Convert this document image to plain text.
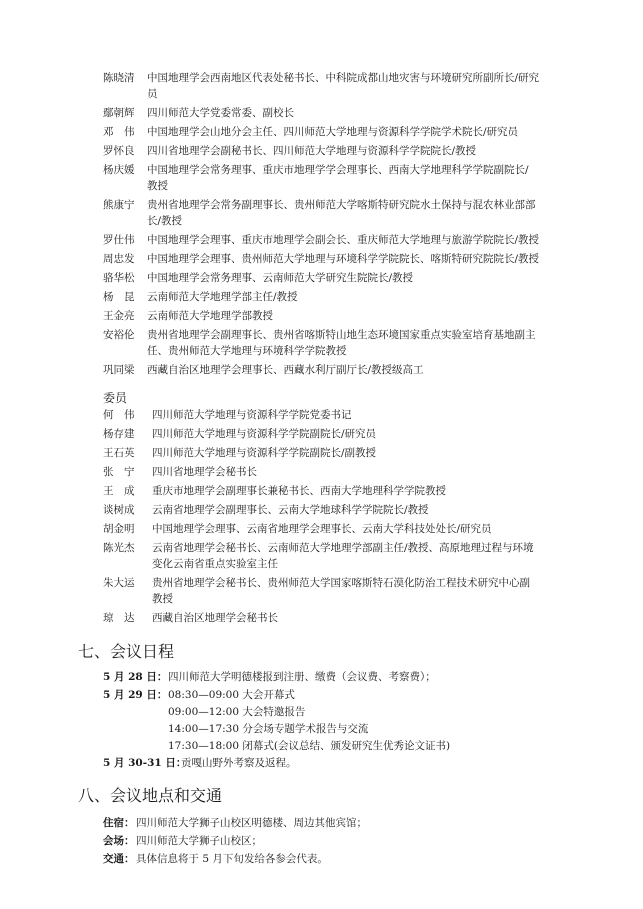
陈晓清 中国地理学会西南地区代表处秘书长、中科院成都山地灾害与环境研究所副所长/研究
员
鄢朝辉 四川师范大学党委常委、副校长
邓　伟 中国地理学会山地分会主任、四川师范大学地理与资源科学学院学术院长/研究员
罗怀良 四川省地理学会副秘书长、四川师范大学地理与资源科学学院院长/教授
杨庆媛 中国地理学会常务理事、重庆市地理学学会理事长、西南大学地理科学学院副院长/
教授
熊康宁 贵州省地理学会常务副理事长、贵州师范大学喀斯特研究院水土保持与混农林业部部
长/教授
罗仕伟 中国地理学会理事、重庆市地理学会副会长、重庆师范大学地理与旅游学院院长/教授
周忠发 中国地理学会理事、贵州师范大学地理与环境科学学院院长、喀斯特研究院院长/教授
骆华松 中国地理学会常务理事、云南师范大学研究生院院长/教授
杨　昆 云南师范大学地理学部主任/教授
王金亮 云南师范大学地理学部教授
安裕伦 贵州省地理学会副理事长、贵州省喀斯特山地生态环境国家重点实验室培育基地副主
任、贵州师范大学地理与环境科学学院教授
巩同梁 西藏自治区地理学会理事长、西藏水利厅副厅长/教授级高工
委员
何　伟 四川师范大学地理与资源科学学院党委书记
杨存建 四川师范大学地理与资源科学学院副院长/研究员
王石英 四川师范大学地理与资源科学学院副院长/副教授
张　宁 四川省地理学会秘书长
王　成 重庆市地理学会副理事长兼秘书长、西南大学地理科学学院教授
谈树成 云南省地理学会副理事长、云南大学地球科学学院院长/教授
胡金明 中国地理学会理事、云南省地理学会理事长、云南大学科技处处长/研究员
陈光杰 云南省地理学会秘书长、云南师范大学地理学部副主任/教授、高原地理过程与环境
变化云南省重点实验室主任
朱大运 贵州省地理学会秘书长、贵州师范大学国家喀斯特石漠化防治工程技术研究中心副
教授
琼　达 西藏自治区地理学会秘书长
七、会议日程
5 月 28 日： 四川师范大学明德楼报到注册、缴费（会议费、考察费）；
5 月 29 日： 08:30—09:00 大会开幕式
09:00—12:00 大会特邀报告
14:00—17:30 分会场专题学术报告与交流
17:30—18:00 闭幕式(会议总结、颁发研究生优秀论文证书)
5 月 30-31 日：
贡嘎山野外考察及返程。
八、会议地点和交通
住宿： 四川师范大学狮子山校区明德楼、周边其他宾馆；
会场： 四川师范大学狮子山校区；
交通： 具体信息将于 5 月下旬发给各参会代表。
